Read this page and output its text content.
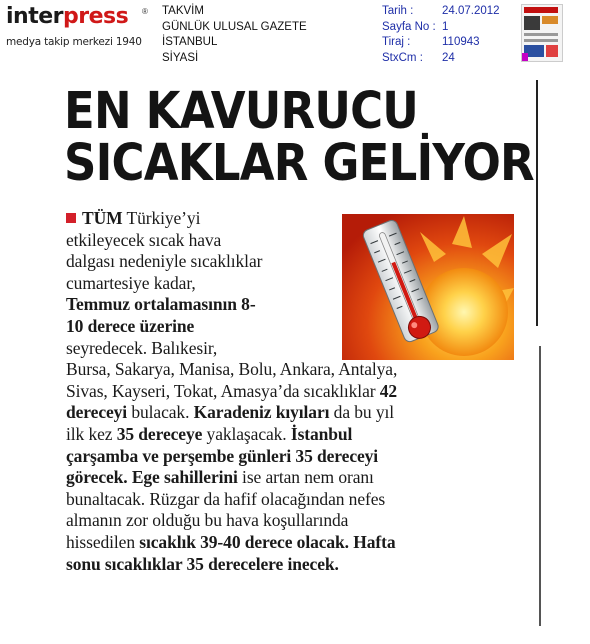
interpress ®
medya takip merkezi 1940
TAKVİM
GÜNLÜK ULUSAL GAZETE
İSTANBUL
SİYASİ
Tarih : 24.07.2012
Sayfa No : 1
Tiraj :	110943
StxCm : 24
EN KAVURUCU
SICAKLAR GELİYOR
TÜM Türkiye’yi
etkileyecek sıcak hava
dalgası nedeniyle sıcaklıklar
cumartesiye kadar,
Temmuz ortalamasının 8-
10 derece üzerine
seyredecek. Balıkesir,
Bursa, Sakarya, Manisa, Bolu, Ankara, Antalya,
Sivas, Kayseri, Tokat, Amasya’da sıcaklıklar 42
dereceyi bulacak. Karadeniz kıyıları da bu yıl
ilk kez 35 dereceye yaklaşacak. İstanbul
çarşamba ve perşembe günleri 35 dereceyi
görecek. Ege sahillerini ise artan nem oranı
bunaltacak. Rüzgar da hafif olacağından nefes
almanın zor olduğu bu hava koşullarında
hissedilen sıcaklık 39-40 derece olacak. Hafta
sonu sıcaklıklar 35 derecelere inecek.
